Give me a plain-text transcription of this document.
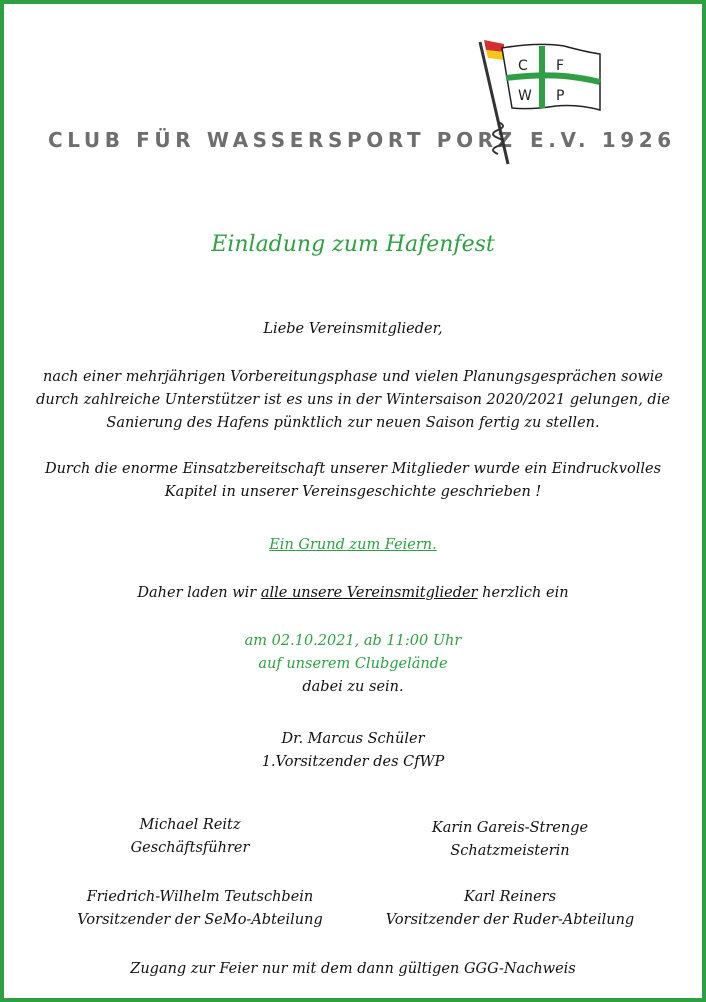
CLUB FÜR WASSERSPORT PORZ E.V. 1926
C F
W P
Einladung zum Hafenfest
Liebe Vereinsmitglieder,
nach einer mehrjährigen Vorbereitungsphase und vielen Planungsgesprächen sowie durch zahlreiche Unterstützer ist es uns in der Wintersaison 2020/2021 gelungen, die Sanierung des Hafens pünktlich zur neuen Saison fertig zu stellen.
Durch die enorme Einsatzbereitschaft unserer Mitglieder wurde ein Eindruckvolles Kapitel in unserer Vereinsgeschichte geschrieben !
Ein Grund zum Feiern.
Daher laden wir alle unsere Vereinsmitglieder herzlich ein
am 02.10.2021, ab 11:00 Uhr
auf unserem Clubgelände
dabei zu sein.
Dr. Marcus Schüler
1.Vorsitzender des CfWP
Michael Reitz
Geschäftsführer
Karin Gareis-Strenge
Schatzmeisterin
Friedrich-Wilhelm Teutschbein
Vorsitzender der SeMo-Abteilung
Karl Reiners
Vorsitzender der Ruder-Abteilung
Zugang zur Feier nur mit dem dann gültigen GGG-Nachweis
